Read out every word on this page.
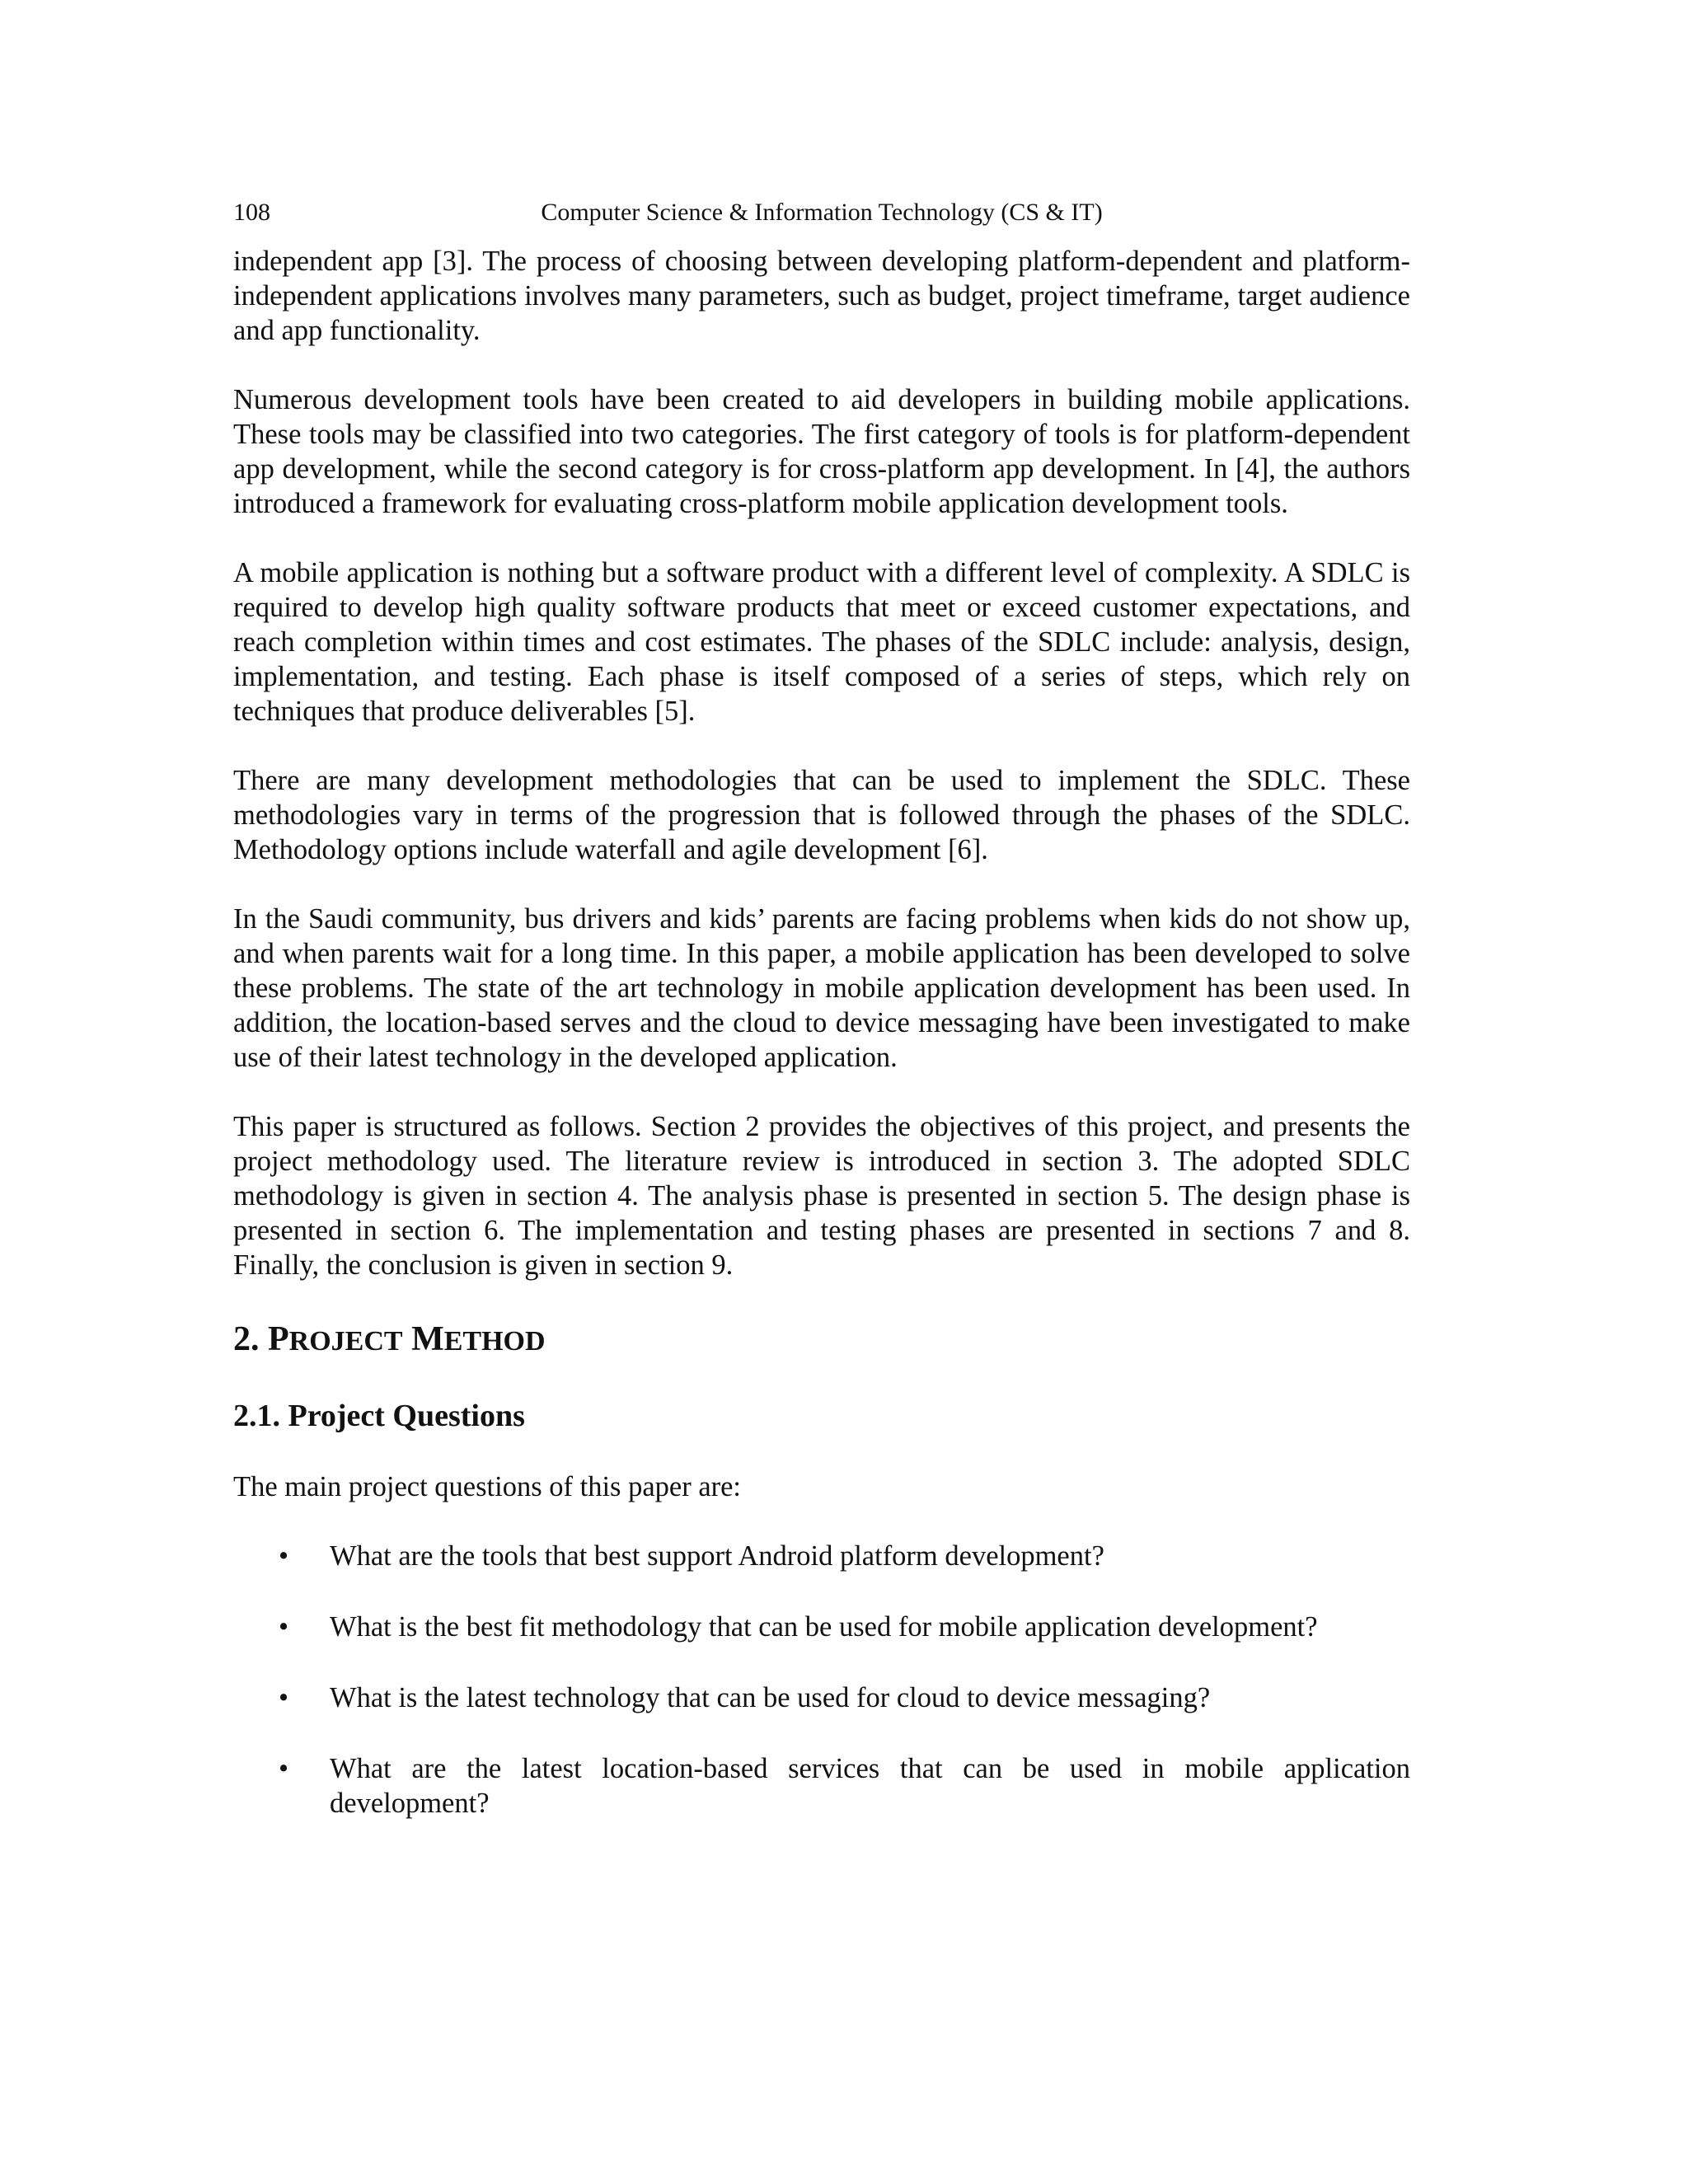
108	Computer Science & Information Technology (CS & IT)

independent app [3]. The process of choosing between developing platform-dependent and platform-independent applications involves many parameters, such as budget, project timeframe, target audience and app functionality.

Numerous development tools have been created to aid developers in building mobile applications. These tools may be classified into two categories. The first category of tools is for platform-dependent app development, while the second category is for cross-platform app development. In [4], the authors introduced a framework for evaluating cross-platform mobile application development tools.

A mobile application is nothing but a software product with a different level of complexity. A SDLC is required to develop high quality software products that meet or exceed customer expectations, and reach completion within times and cost estimates. The phases of the SDLC include: analysis, design, implementation, and testing. Each phase is itself composed of a series of steps, which rely on techniques that produce deliverables [5].

There are many development methodologies that can be used to implement the SDLC. These methodologies vary in terms of the progression that is followed through the phases of the SDLC. Methodology options include waterfall and agile development [6].

In the Saudi community, bus drivers and kids’ parents are facing problems when kids do not show up, and when parents wait for a long time. In this paper, a mobile application has been developed to solve these problems. The state of the art technology in mobile application development has been used. In addition, the location-based serves and the cloud to device messaging have been investigated to make use of their latest technology in the developed application.

This paper is structured as follows. Section 2 provides the objectives of this project, and presents the project methodology used. The literature review is introduced in section 3. The adopted SDLC methodology is given in section 4. The analysis phase is presented in section 5. The design phase is presented in section 6. The implementation and testing phases are presented in sections 7 and 8. Finally, the conclusion is given in section 9.

2. PROJECT METHOD
2.1. Project Questions

The main project questions of this paper are:

• What are the tools that best support Android platform development?
• What is the best fit methodology that can be used for mobile application development?
• What is the latest technology that can be used for cloud to device messaging?
• What are the latest location-based services that can be used in mobile application development?
